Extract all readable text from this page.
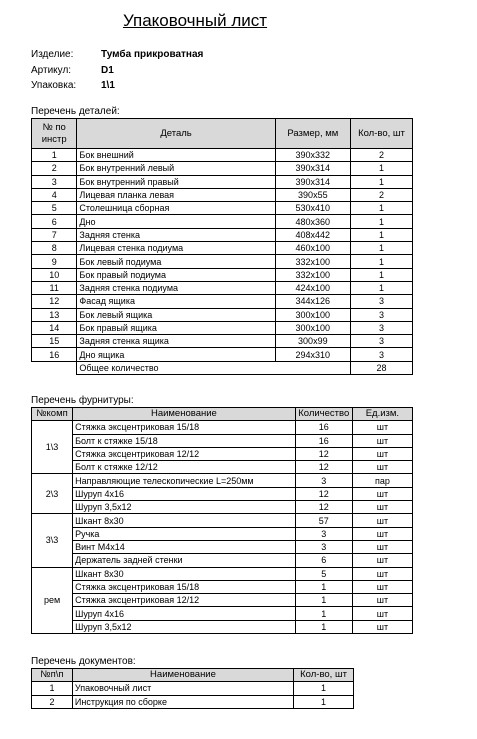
Упаковочный лист
Изделие:	Тумба прикроватная
Артикул:	D1
Упаковка: 1\1
Перечень деталей:
№ по инстр	Деталь	Размер, мм	Кол-во, шт
1	Бок внешний	390x332	2
2	Бок внутренний левый	390x314	1
3	Бок внутренний правый	390x314	1
4	Лицевая планка левая	390x55	2
5	Столешница сборная	530x410	1
6	Дно	480x360	1
7	Задняя стенка	408x442	1
8	Лицевая стенка подиума	460x100	1
9	Бок левый подиума	332x100	1
10	Бок правый подиума	332x100	1
11	Задняя стенка подиума	424x100	1
12	Фасад ящика	344x126	3
13	Бок левый ящика	300x100	3
14	Бок правый ящика	300x100	3
15	Задняя стенка ящика	300x99	3
16	Дно ящика	294x310	3
	Общее количество		28
Перечень фурнитуры:
№комп	Наименование	Количество	Ед.изм.
1\3	Стяжка эксцентриковая 15/18	16	шт
	Болт к стяжке 15/18	16	шт
	Стяжка эксцентриковая 12/12	12	шт
	Болт к стяжке 12/12	12	шт
2\3	Направляющие телескопические L=250мм	3	пар
	Шуруп 4x16	12	шт
	Шуруп 3,5x12	12	шт
3\3	Шкант 8x30	57	шт
	Ручка	3	шт
	Винт M4x14	3	шт
	Держатель задней стенки	6	шт
рем	Шкант 8x30	5	шт
	Стяжка эксцентриковая 15/18	1	шт
	Стяжка эксцентриковая 12/12	1	шт
	Шуруп 4x16	1	шт
	Шуруп 3,5x12	1	шт
Перечень документов:
№п\п	Наименование	Кол-во, шт
1	Упаковочный лист	1
2	Инструкция по сборке	1
